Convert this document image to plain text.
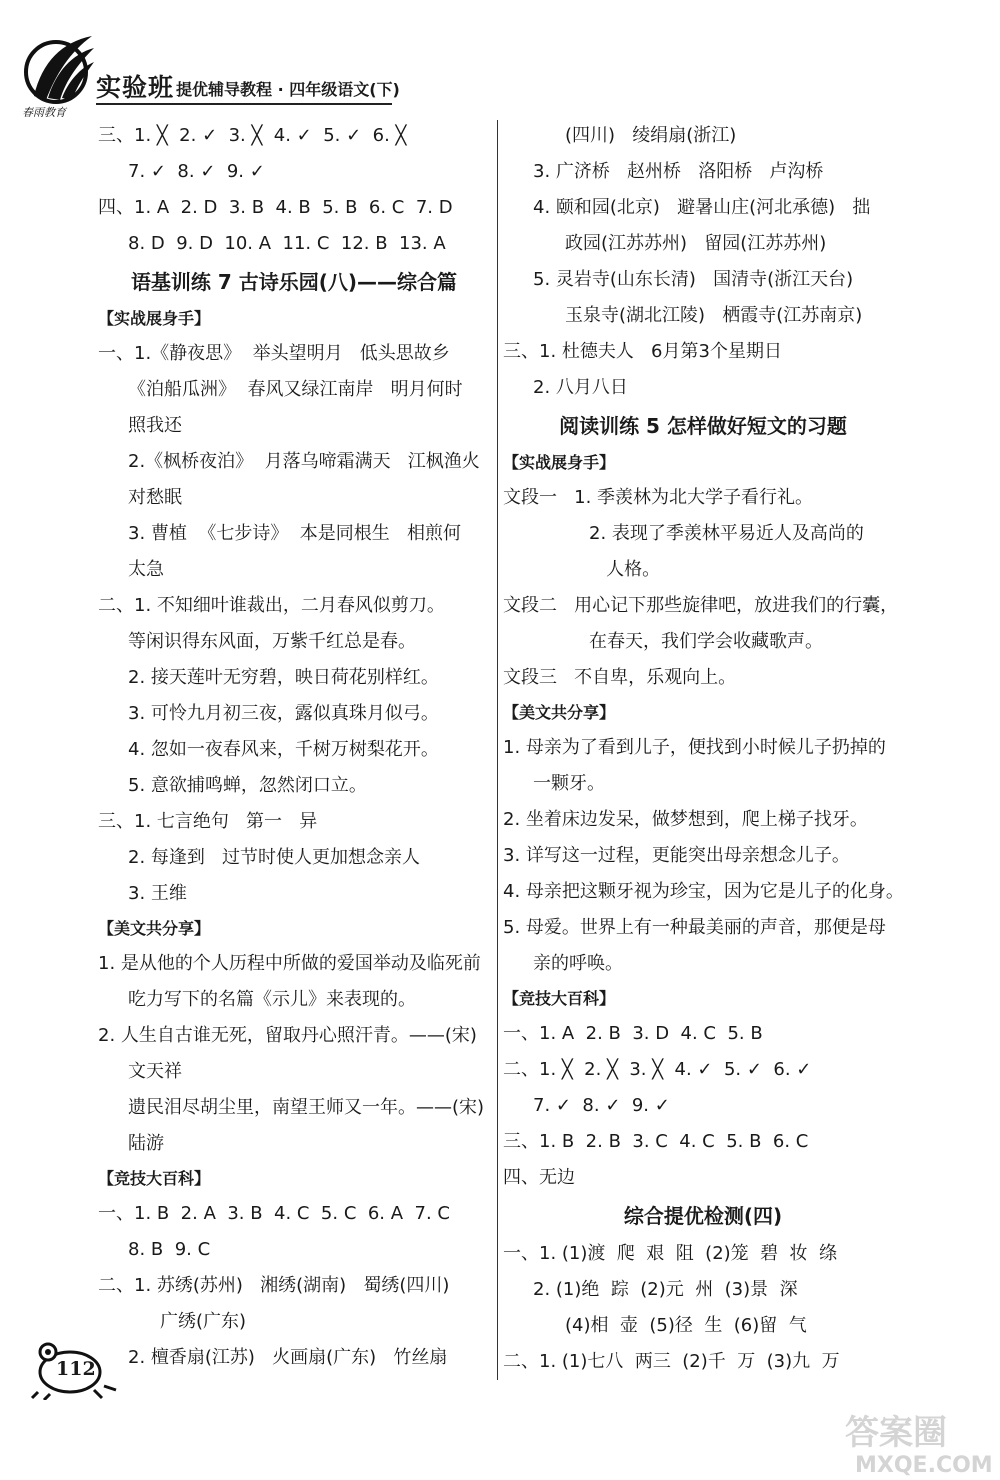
春雨教育
实验班 提优辅导教程 · 四年级语文(下)
三、1. ╳  2. ✓  3. ╳  4. ✓  5. ✓  6. ╳
7. ✓  8. ✓  9. ✓
四、1. A  2. D  3. B  4. B  5. B  6. C  7. D
8. D  9. D  10. A  11. C  12. B  13. A
语基训练 7 古诗乐园(八)——综合篇
【实战展身手】
一、1.《静夜思》  举头望明月   低头思故乡
《泊船瓜洲》  春风又绿江南岸   明月何时
照我还
2.《枫桥夜泊》  月落乌啼霜满天   江枫渔火
对愁眠
3. 曹植  《七步诗》  本是同根生   相煎何
太急
二、1. 不知细叶谁裁出，二月春风似剪刀。
等闲识得东风面，万紫千红总是春。
2. 接天莲叶无穷碧，映日荷花别样红。
3. 可怜九月初三夜，露似真珠月似弓。
4. 忽如一夜春风来，千树万树梨花开。
5. 意欲捕鸣蝉，忽然闭口立。
三、1. 七言绝句   第一   异
2. 每逢到   过节时使人更加想念亲人
3. 王维
【美文共分享】
1. 是从他的个人历程中所做的爱国举动及临死前
吃力写下的名篇《示儿》来表现的。
2. 人生自古谁无死，留取丹心照汗青。——(宋)
文天祥
遗民泪尽胡尘里，南望王师又一年。——(宋)
陆游
【竞技大百科】
一、1. B  2. A  3. B  4. C  5. C  6. A  7. C
8. B  9. C
二、1. 苏绣(苏州)   湘绣(湖南)   蜀绣(四川)
广绣(广东)
2. 檀香扇(江苏)   火画扇(广东)   竹丝扇
(四川)   绫绢扇(浙江)
3. 广济桥   赵州桥   洛阳桥   卢沟桥
4. 颐和园(北京)   避暑山庄(河北承德)   拙
政园(江苏苏州)   留园(江苏苏州)
5. 灵岩寺(山东长清)   国清寺(浙江天台)
玉泉寺(湖北江陵)   栖霞寺(江苏南京)
三、1. 杜德夫人   6月第3个星期日
2. 八月八日
阅读训练 5 怎样做好短文的习题
【实战展身手】
文段一   1. 季羡林为北大学子看行礼。
2. 表现了季羡林平易近人及高尚的
人格。
文段二   用心记下那些旋律吧，放进我们的行囊，
在春天，我们学会收藏歌声。
文段三   不自卑，乐观向上。
【美文共分享】
1. 母亲为了看到儿子，便找到小时候儿子扔掉的
一颗牙。
2. 坐着床边发呆，做梦想到，爬上梯子找牙。
3. 详写这一过程，更能突出母亲想念儿子。
4. 母亲把这颗牙视为珍宝，因为它是儿子的化身。
5. 母爱。世界上有一种最美丽的声音，那便是母
亲的呼唤。
【竞技大百科】
一、1. A  2. B  3. D  4. C  5. B
二、1. ╳  2. ╳  3. ╳  4. ✓  5. ✓  6. ✓
7. ✓  8. ✓  9. ✓
三、1. B  2. B  3. C  4. C  5. B  6. C
四、无边
综合提优检测(四)
一、1. (1)渡  爬  艰  阻  (2)笼  碧  妆  绦
2. (1)绝  踪  (2)元  州  (3)景  深
(4)相  壶  (5)径  生  (6)留  气
二、1. (1)七八  两三  (2)千  万  (3)九  万
112
答案圈
MXQE.COM
